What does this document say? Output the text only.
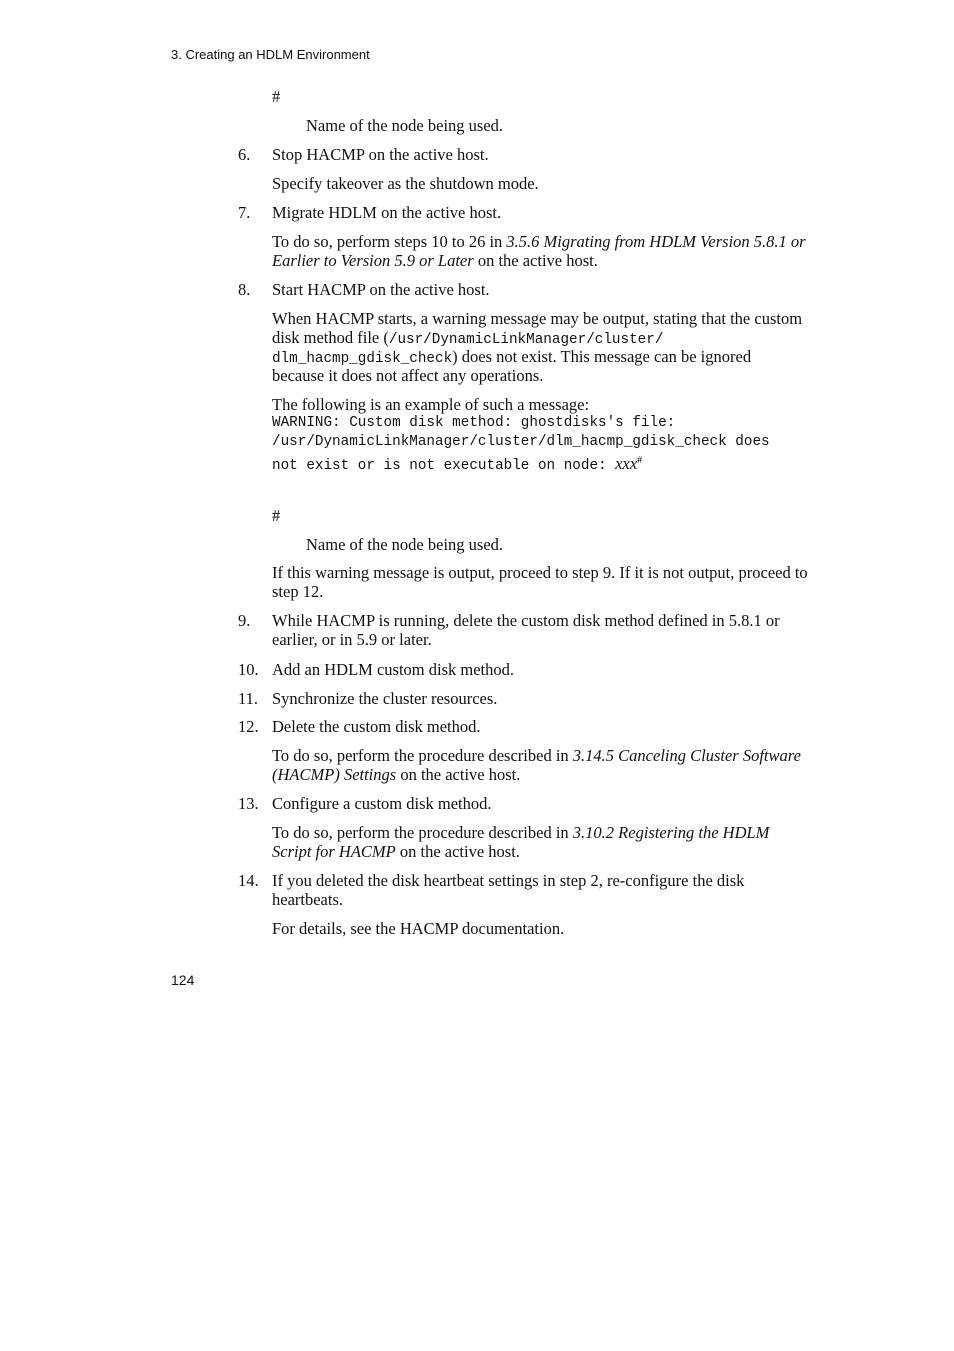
3. Creating an HDLM Environment
#
Name of the node being used.
6. Stop HACMP on the active host.
Specify takeover as the shutdown mode.
7. Migrate HDLM on the active host.
To do so, perform steps 10 to 26 in 3.5.6 Migrating from HDLM Version 5.8.1 or
Earlier to Version 5.9 or Later on the active host.
8. Start HACMP on the active host.
When HACMP starts, a warning message may be output, stating that the custom
disk method file (/usr/DynamicLinkManager/cluster/
dlm_hacmp_gdisk_check) does not exist. This message can be ignored
because it does not affect any operations.
The following is an example of such a message:
WARNING: Custom disk method: ghostdisks's file:
/usr/DynamicLinkManager/cluster/dlm_hacmp_gdisk_check does
not exist or is not executable on node: xxx#
#
Name of the node being used.
If this warning message is output, proceed to step 9. If it is not output, proceed to
step 12.
9. While HACMP is running, delete the custom disk method defined in 5.8.1 or
earlier, or in 5.9 or later.
10. Add an HDLM custom disk method.
11. Synchronize the cluster resources.
12. Delete the custom disk method.
To do so, perform the procedure described in 3.14.5 Canceling Cluster Software
(HACMP) Settings on the active host.
13. Configure a custom disk method.
To do so, perform the procedure described in 3.10.2 Registering the HDLM
Script for HACMP on the active host.
14. If you deleted the disk heartbeat settings in step 2, re-configure the disk
heartbeats.
For details, see the HACMP documentation.
124
